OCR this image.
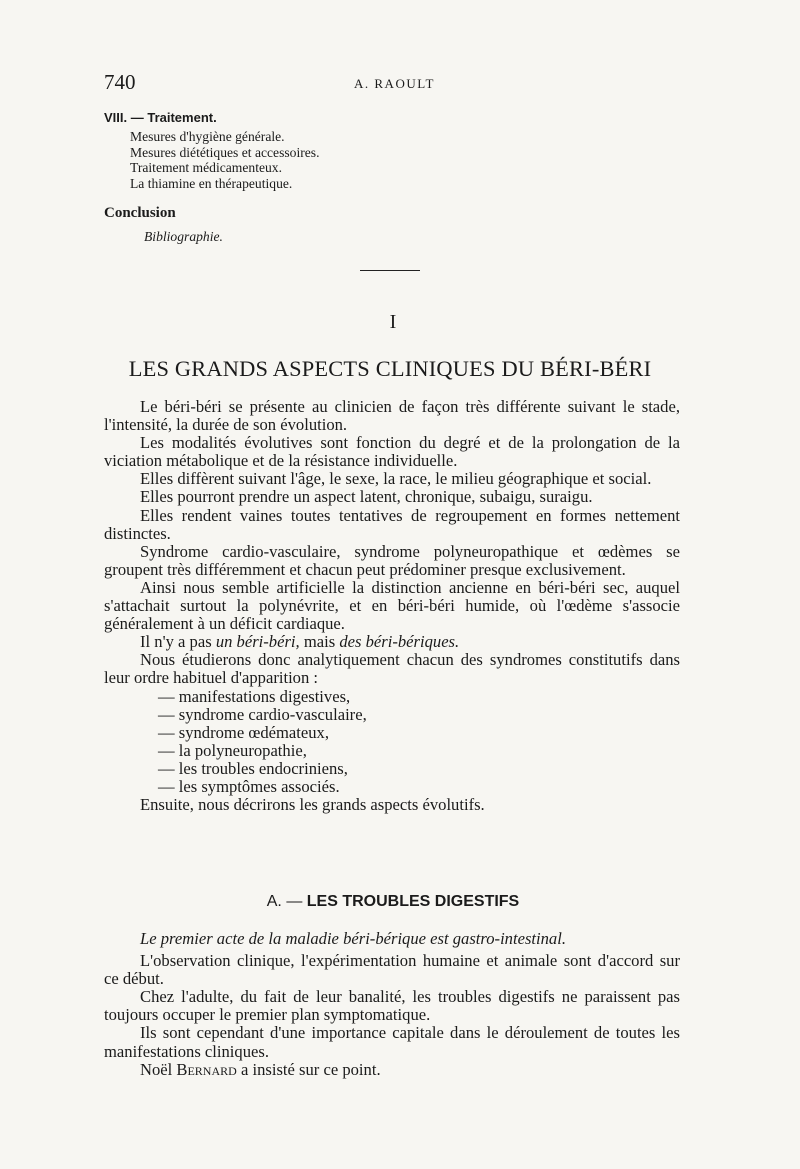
740	A. RAOULT
VIII. — Traitement.
Mesures d'hygiène générale.
Mesures diététiques et accessoires.
Traitement médicamenteux.
La thiamine en thérapeutique.
Conclusion
Bibliographie.
I
LES GRANDS ASPECTS CLINIQUES DU BÉRI-BÉRI

Le béri-béri se présente au clinicien de façon très différente suivant le stade, l'intensité, la durée de son évolution.

Les modalités évolutives sont fonction du degré et de la prolongation de la viciation métabolique et de la résistance individuelle.

Elles diffèrent suivant l'âge, le sexe, la race, le milieu géographique et social.

Elles pourront prendre un aspect latent, chronique, subaigu, suraigu.

Elles rendent vaines toutes tentatives de regroupement en formes nettement distinctes.

Syndrome cardio-vasculaire, syndrome polyneuropathique et œdèmes se groupent très différemment et chacun peut prédominer presque exclusivement.

Ainsi nous semble artificielle la distinction ancienne en béri-béri sec, auquel s'attachait surtout la polynévrite, et en béri-béri humide, où l'œdème s'associe généralement à un déficit cardiaque.

Il n'y a pas un béri-béri, mais des béri-bériques.

Nous étudierons donc analytiquement chacun des syndromes constitutifs dans leur ordre habituel d'apparition :

— manifestations digestives,
— syndrome cardio-vasculaire,
— syndrome œdémateux,
— la polyneuropathie,
— les troubles endocriniens,
— les symptômes associés.

Ensuite, nous décrirons les grands aspects évolutifs.

A. — LES TROUBLES DIGESTIFS

Le premier acte de la maladie béri-bérique est gastro-intestinal.

L'observation clinique, l'expérimentation humaine et animale sont d'accord sur ce début.

Chez l'adulte, du fait de leur banalité, les troubles digestifs ne paraissent pas toujours occuper le premier plan symptomatique.

Ils sont cependant d'une importance capitale dans le déroulement de toutes les manifestations cliniques.

Noël Bernard a insisté sur ce point.
